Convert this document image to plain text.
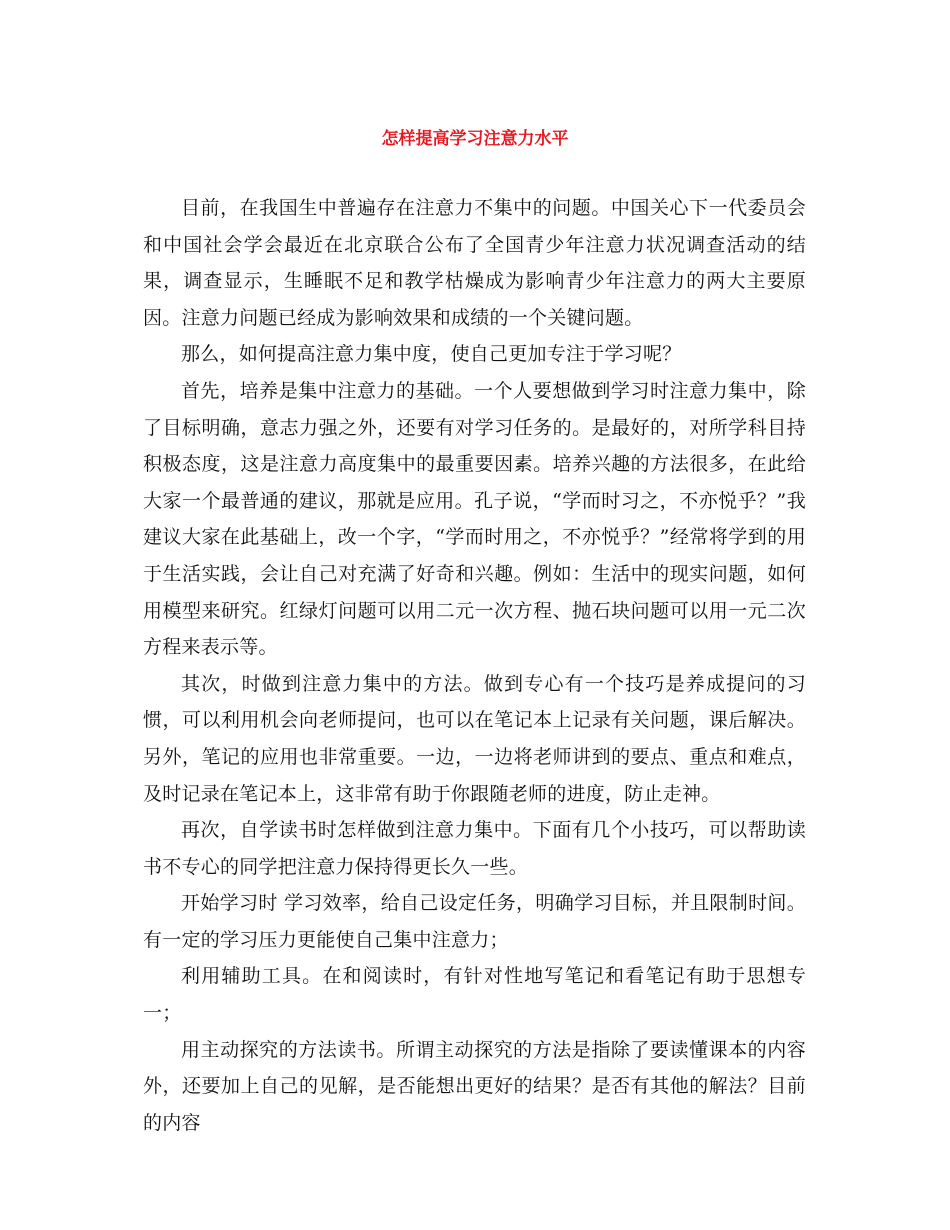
怎样提高学习注意力水平

目前，在我国生中普遍存在注意力不集中的问题。中国关心下一代委员会和中国社会学会最近在北京联合公布了全国青少年注意力状况调查活动的结果，调查显示，生睡眠不足和教学枯燥成为影响青少年注意力的两大主要原因。注意力问题已经成为影响效果和成绩的一个关键问题。

那么，如何提高注意力集中度，使自己更加专注于学习呢？

首先，培养是集中注意力的基础。一个人要想做到学习时注意力集中，除了目标明确，意志力强之外，还要有对学习任务的。是最好的，对所学科目持积极态度，这是注意力高度集中的最重要因素。培养兴趣的方法很多，在此给大家一个最普通的建议，那就是应用。孔子说，“学而时习之，不亦悦乎？”我建议大家在此基础上，改一个字，“学而时用之，不亦悦乎？”经常将学到的用于生活实践，会让自己对充满了好奇和兴趣。例如：生活中的现实问题，如何用模型来研究。红绿灯问题可以用二元一次方程、抛石块问题可以用一元二次方程来表示等。

其次，时做到注意力集中的方法。做到专心有一个技巧是养成提问的习惯，可以利用机会向老师提问，也可以在笔记本上记录有关问题，课后解决。另外，笔记的应用也非常重要。一边，一边将老师讲到的要点、重点和难点，及时记录在笔记本上，这非常有助于你跟随老师的进度，防止走神。

再次，自学读书时怎样做到注意力集中。下面有几个小技巧，可以帮助读书不专心的同学把注意力保持得更长久一些。

开始学习时 学习效率，给自己设定任务，明确学习目标，并且限制时间。有一定的学习压力更能使自己集中注意力；

利用辅助工具。在和阅读时，有针对性地写笔记和看笔记有助于思想专一；

用主动探究的方法读书。所谓主动探究的方法是指除了要读懂课本的内容外，还要加上自己的见解，是否能想出更好的结果？是否有其他的解法？目前的内容
